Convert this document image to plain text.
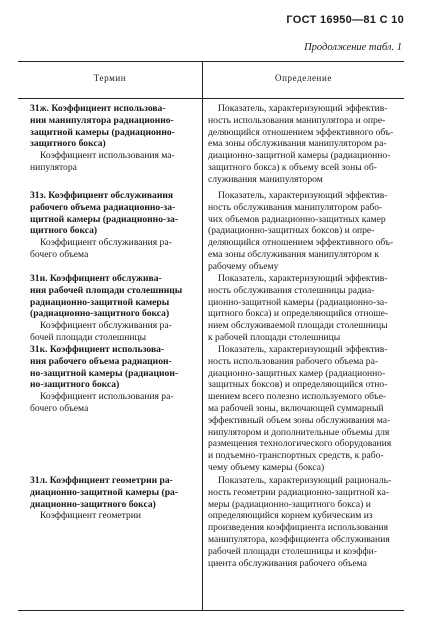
ГОСТ 16950—81 С 10
Продолжение табл. 1
Термин	Определение
31ж. Коэффициент использова-
ния манипулятора радиационно-
защитной камеры (радиационно-
защитного бокса)
Коэффициент использования ма-
нипулятора
Показатель, характеризующий эффектив-
ность использования манипулятора и опре-
деляющийся отношением эффективного объ-
ема зоны обслуживания манипулятором ра-
диационно-защитной камеры (радиационно-
защитного бокса) к объему всей зоны об-
служивания манипулятором
31з. Коэффициент обслуживания
рабочего объема радиационно-за-
щитной камеры (радиационно-за-
щитного бокса)
Коэффициент обслуживания ра-
бочего объема
Показатель, характеризующий эффектив-
ность обслуживания манипулятором рабо-
чих объемов радиационно-защитных камер
(радиационно-защитных боксов) и опре-
деляющийся отношением эффективного объ-
ема зоны обслуживания манипулятором к
рабочему объему
31и. Коэффициент обслужива-
ния рабочей площади столешницы
радиационно-защитной камеры
(радиационно-защитного бокса)
Коэффициент обслуживания ра-
бочей площади столешницы
Показатель, характеризующий эффектив-
ность обслуживания столешницы радиа-
ционно-защитной камеры (радиационно-за-
щитного бокса) и определяющийся отноше-
нием обслуживаемой площади столешницы
к рабочей площади столешницы
31к. Коэффициент использова-
ния рабочего объема радиацион-
но-защитной камеры (радиацион-
но-защитного бокса)
Коэффициент использования ра-
бочего объема
Показатель, характеризующий эффектив-
ность использования рабочего объема ра-
диационно-защитных камер (радиационно-
защитных боксов) и определяющийся отно-
шением всего полезно используемого объе-
ма рабочей зоны, включающей суммарный
эффективный объем зоны обслуживания ма-
нипулятором и дополнительные объемы для
размещения технологического оборудования
и подъемно-транспортных средств, к рабо-
чему объему камеры (бокса)
31л. Коэффициент геометрии ра-
диационно-защитной камеры (ра-
диационно-защитного бокса)
Коэффициент геометрии
Показатель, характеризующий рациональ-
ность геометрии радиационно-защитной ка-
меры (радиационно-защитного бокса) и
определяющийся корнем кубическим из
произведения коэффициента использования
манипулятора, коэффициента обслуживания
рабочей площади столешницы и коэффи-
циента обслуживания рабочего объема
